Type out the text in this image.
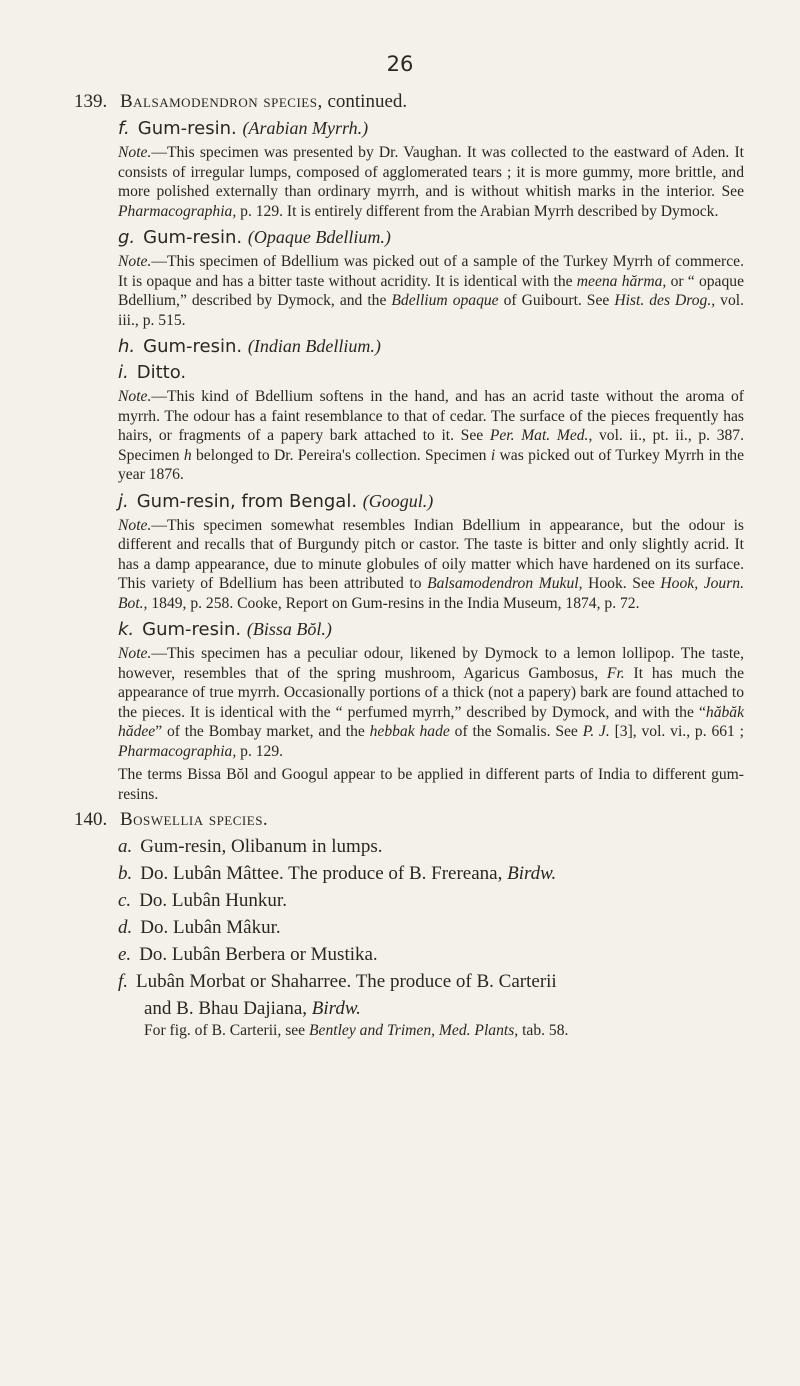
26
139. Balsamodendron species, continued.
f. Gum-resin. (Arabian Myrrh.)
Note.—This specimen was presented by Dr. Vaughan. It was collected to the eastward of Aden. It consists of irregular lumps, composed of agglomerated tears ; it is more gummy, more brittle, and more polished externally than ordinary myrrh, and is without whitish marks in the interior. See Pharmacographia, p. 129. It is entirely different from the Arabian Myrrh described by Dymock.
g. Gum-resin. (Opaque Bdellium.)
Note.—This specimen of Bdellium was picked out of a sample of the Turkey Myrrh of commerce. It is opaque and has a bitter taste without acridity. It is identical with the meena hărma, or “ opaque Bdellium,” described by Dymock, and the Bdellium opaque of Guibourt. See Hist. des Drog., vol. iii., p. 515.
h. Gum-resin. (Indian Bdellium.)
i. Ditto.
Note.—This kind of Bdellium softens in the hand, and has an acrid taste without the aroma of myrrh. The odour has a faint resemblance to that of cedar. The surface of the pieces frequently has hairs, or fragments of a papery bark attached to it. See Per. Mat. Med., vol. ii., pt. ii., p. 387. Specimen h belonged to Dr. Pereira's collection. Specimen i was picked out of Turkey Myrrh in the year 1876.
j. Gum-resin, from Bengal. (Googul.)
Note.—This specimen somewhat resembles Indian Bdellium in appearance, but the odour is different and recalls that of Burgundy pitch or castor. The taste is bitter and only slightly acrid. It has a damp appearance, due to minute globules of oily matter which have hardened on its surface. This variety of Bdellium has been attributed to Balsamodendron Mukul, Hook. See Hook, Journ. Bot., 1849, p. 258. Cooke, Report on Gum-resins in the India Museum, 1874, p. 72.
k. Gum-resin. (Bissa Bŏl.)
Note.—This specimen has a peculiar odour, likened by Dymock to a lemon lollipop. The taste, however, resembles that of the spring mushroom, Agaricus Gambosus, Fr. It has much the appearance of true myrrh. Occasionally portions of a thick (not a papery) bark are found attached to the pieces. It is identical with the “ perfumed myrrh,” described by Dymock, and with the “hăbăk hădee” of the Bombay market, and the hebbak hade of the Somalis. See P. J. [3], vol. vi., p. 661 ; Pharmacographia, p. 129.
The terms Bissa Bŏl and Googul appear to be applied in different parts of India to different gum-resins.
140. Boswellia species.
a. Gum-resin, Olibanum in lumps.
b. Do. Lubân Mâttee. The produce of B. Frereana, Birdw.
c. Do. Lubân Hunkur.
d. Do. Lubân Mâkur.
e. Do. Lubân Berbera or Mustika.
f. Lubân Morbat or Shaharree. The produce of B. Carterii
and B. Bhau Dajiana, Birdw.
For fig. of B. Carterii, see Bentley and Trimen, Med. Plants, tab. 58.
